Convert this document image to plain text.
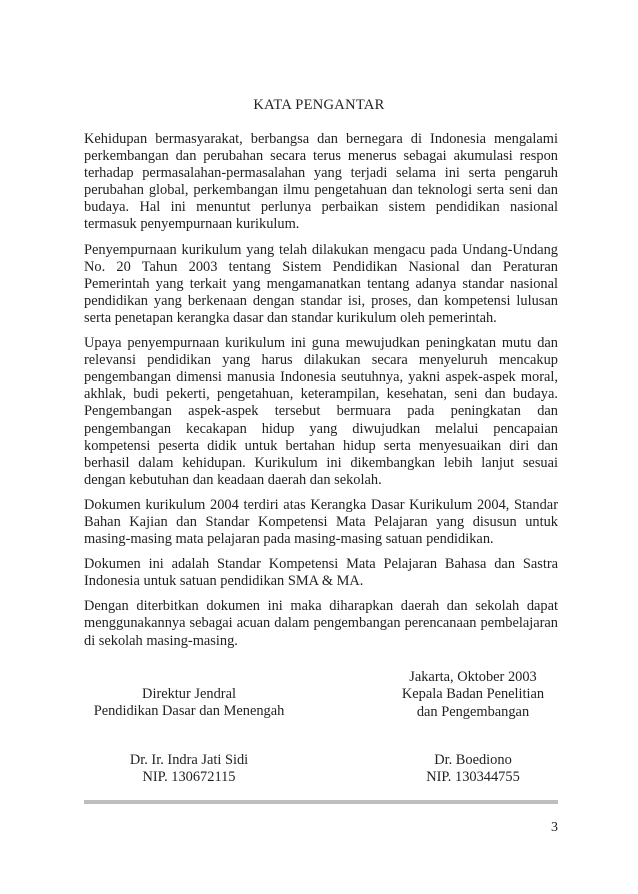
KATA PENGANTAR

Kehidupan bermasyarakat, berbangsa dan bernegara di Indonesia mengalami perkembangan dan perubahan secara terus menerus sebagai akumulasi respon terhadap permasalahan-permasalahan yang terjadi selama ini serta pengaruh perubahan global, perkembangan ilmu pengetahuan dan teknologi serta seni dan budaya. Hal ini menuntut perlunya perbaikan sistem pendidikan nasional termasuk penyempurnaan kurikulum.

Penyempurnaan kurikulum yang telah dilakukan mengacu pada Undang-Undang No. 20 Tahun 2003 tentang Sistem Pendidikan Nasional dan Peraturan Pemerintah yang terkait yang mengamanatkan tentang adanya standar nasional pendidikan yang berkenaan dengan standar isi, proses, dan kompetensi lulusan serta penetapan kerangka dasar dan standar kurikulum oleh pemerintah.

Upaya penyempurnaan kurikulum ini guna mewujudkan peningkatan mutu dan relevansi pendidikan yang harus dilakukan secara menyeluruh mencakup pengembangan dimensi manusia Indonesia seutuhnya, yakni aspek-aspek moral, akhlak, budi pekerti, pengetahuan, keterampilan, kesehatan, seni dan budaya. Pengembangan aspek-aspek tersebut bermuara pada peningkatan dan pengembangan kecakapan hidup yang diwujudkan melalui pencapaian kompetensi peserta didik untuk bertahan hidup serta menyesuaikan diri dan berhasil dalam kehidupan. Kurikulum ini dikembangkan lebih lanjut sesuai dengan kebutuhan dan keadaan daerah dan sekolah.

Dokumen kurikulum 2004 terdiri atas Kerangka Dasar Kurikulum 2004, Standar Bahan Kajian dan Standar Kompetensi Mata Pelajaran yang disusun untuk masing-masing mata pelajaran pada masing-masing satuan pendidikan.

Dokumen ini adalah Standar Kompetensi Mata Pelajaran Bahasa dan Sastra Indonesia untuk satuan pendidikan SMA & MA.

Dengan diterbitkan dokumen ini maka diharapkan daerah dan sekolah dapat menggunakannya sebagai acuan dalam pengembangan perencanaan pembelajaran di sekolah masing-masing.

Jakarta, Oktober 2003
Kepala Badan Penelitian
dan Pengembangan
Direktur Jendral
Pendidikan Dasar dan Menengah
Dr. Ir. Indra Jati Sidi
NIP. 130672115
Dr. Boediono
NIP. 130344755
3
